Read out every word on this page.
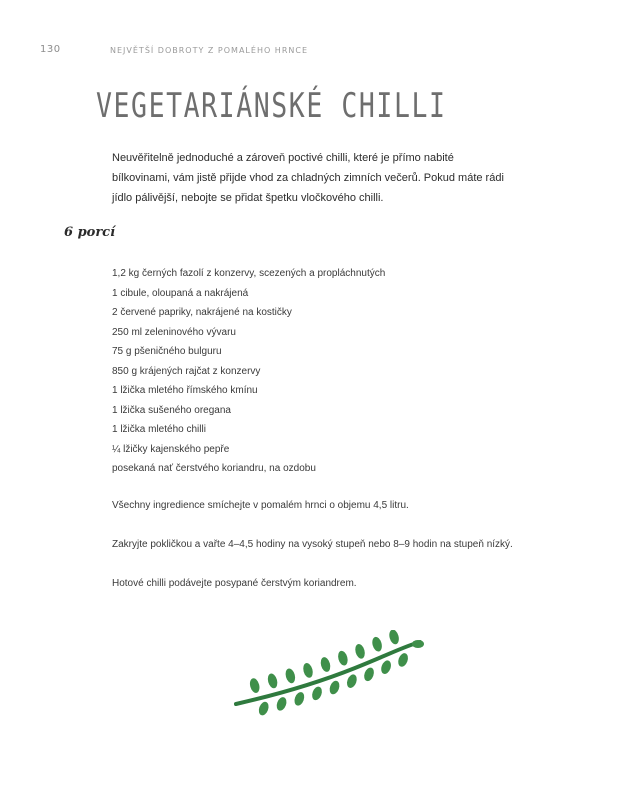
130	NEJVĚTŠÍ DOBROTY Z POMALÉHO HRNCE
VEGETARIÁNSKÉ CHILLI

Neuvěřitelně jednoduché a zároveň poctivé chilli, které je přímo nabité bílkovinami, vám jistě přijde vhod za chladných zimních večerů. Pokud máte rádi jídlo pálivější, nebojte se přidat špetku vločkového chilli.

6 porcí
1,2 kg černých fazolí z konzervy, scezených a propláchnutých
1 cibule, oloupaná a nakrájená
2 červené papriky, nakrájené na kostičky
250 ml zeleninového vývaru
75 g pšeničného bulguru
850 g krájených rajčat z konzervy
1 lžička mletého římského kmínu
1 lžička sušeného oregana
1 lžička mletého chilli
¼ lžičky kajenského pepře
posekaná nať čerstvého koriandru, na ozdobu

Všechny ingredience smíchejte v pomalém hrnci o objemu 4,5 litru.

Zakryjte pokličkou a vařte 4–4,5 hodiny na vysoký stupeň nebo 8–9 hodin na stupeň nízký.

Hotové chilli podávejte posypané čerstvým koriandrem.
